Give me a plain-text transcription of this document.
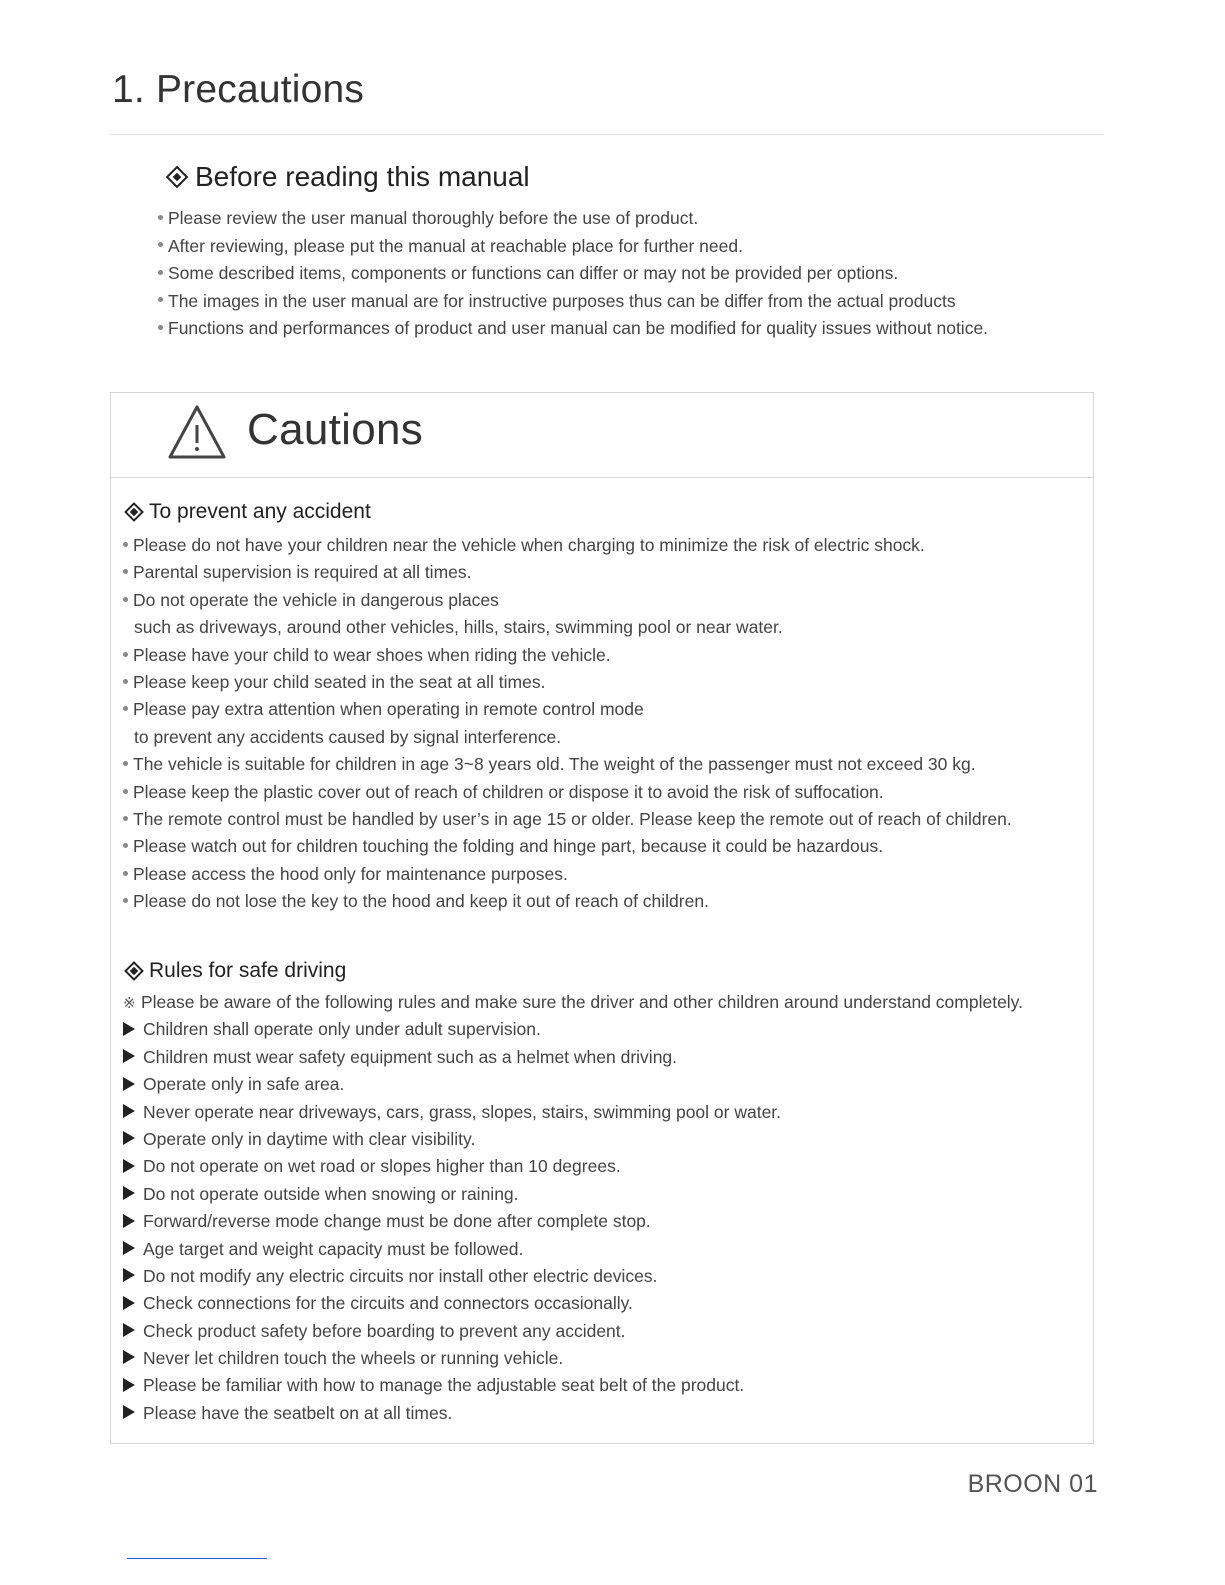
1. Precautions
Before reading this manual
Please review the user manual thoroughly before the use of product.
After reviewing, please put the manual at reachable place for further need.
Some described items, components or functions can differ or may not be provided per options.
The images in the user manual are for instructive purposes thus can be differ from the actual products
Functions and performances of product and user manual can be modified for quality issues without notice.
Cautions
To prevent any accident
Please do not have your children near the vehicle when charging to minimize the risk of electric shock.
Parental supervision is required at all times.
Do not operate the vehicle in dangerous places
such as driveways, around other vehicles, hills, stairs, swimming pool or near water.
Please have your child to wear shoes when riding the vehicle.
Please keep your child seated in the seat at all times.
Please pay extra attention when operating in remote control mode
to prevent any accidents caused by signal interference.
The vehicle is suitable for children in age 3~8 years old. The weight of the passenger must not exceed 30 kg.
Please keep the plastic cover out of reach of children or dispose it to avoid the risk of suffocation.
The remote control must be handled by user’s in age 15 or older. Please keep the remote out of reach of children.
Please watch out for children touching the folding and hinge part, because it could be hazardous.
Please access the hood only for maintenance purposes.
Please do not lose the key to the hood and keep it out of reach of children.
Rules for safe driving
※ Please be aware of the following rules and make sure the driver and other children around understand completely.
Children shall operate only under adult supervision.
Children must wear safety equipment such as a helmet when driving.
Operate only in safe area.
Never operate near driveways, cars, grass, slopes, stairs, swimming pool or water.
Operate only in daytime with clear visibility.
Do not operate on wet road or slopes higher than 10 degrees.
Do not operate outside when snowing or raining.
Forward/reverse mode change must be done after complete stop.
Age target and weight capacity must be followed.
Do not modify any electric circuits nor install other electric devices.
Check connections for the circuits and connectors occasionally.
Check product safety before boarding to prevent any accident.
Never let children touch the wheels or running vehicle.
Please be familiar with how to manage the adjustable seat belt of the product.
Please have the seatbelt on at all times.
BROON 01
